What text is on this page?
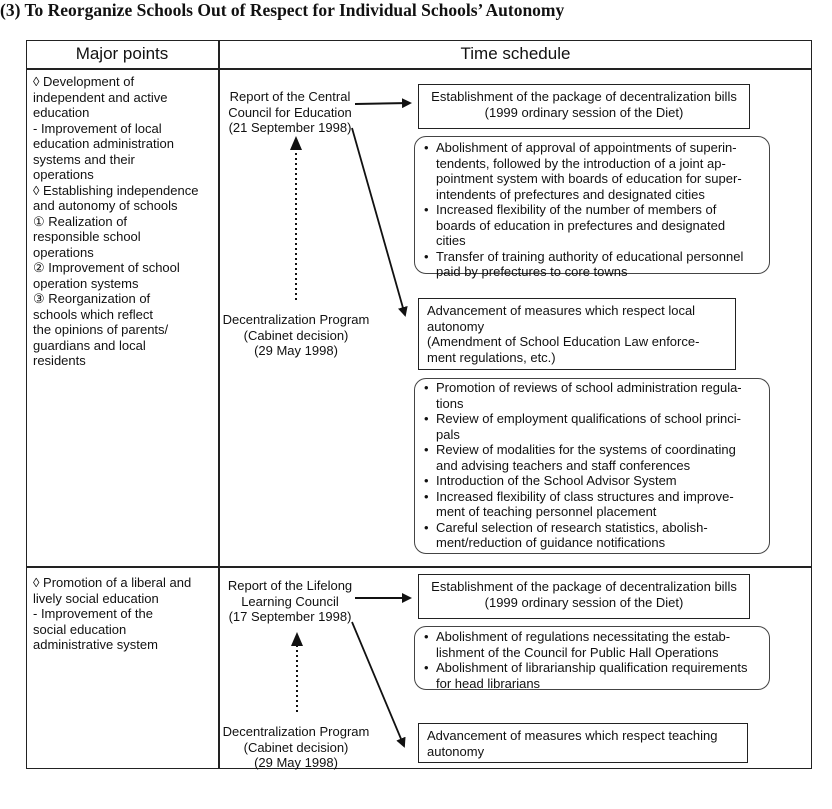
(3) To Reorganize Schools Out of Respect for Individual Schools’ Autonomy
Major points	Time schedule
◊ Development of
independent and active
education
- Improvement of local
education administration
systems and their
operations
◊ Establishing independence
and autonomy of schools
① Realization of
responsible school
operations
② Improvement of school
operation systems
③ Reorganization of
schools which reflect
the opinions of parents/
guardians and local
residents
Report of the Central
Council for Education
(21 September 1998)
Decentralization Program
(Cabinet decision)
(29 May 1998)
Establishment of the package of decentralization bills
(1999 ordinary session of the Diet)
• Abolishment of approval of appointments of superin-
tendents, followed by the introduction of a joint ap-
pointment system with boards of education for super-
intendents of prefectures and designated cities
• Increased flexibility of the number of members of
boards of education in prefectures and designated
cities
• Transfer of training authority of educational personnel
paid by prefectures to core towns
Advancement of measures which respect local
autonomy
(Amendment of School Education Law enforce-
ment regulations, etc.)
• Promotion of reviews of school administration regula-
tions
• Review of employment qualifications of school princi-
pals
• Review of modalities for the systems of coordinating
and advising teachers and staff conferences
• Introduction of the School Advisor System
• Increased flexibility of class structures and improve-
ment of teaching personnel placement
• Careful selection of research statistics, abolish-
ment/reduction of guidance notifications
◊ Promotion of a liberal and
lively social education
- Improvement of the
social education
administrative system
Report of the Lifelong
Learning Council
(17 September 1998)
Decentralization Program
(Cabinet decision)
(29 May 1998)
Establishment of the package of decentralization bills
(1999 ordinary session of the Diet)
• Abolishment of regulations necessitating the estab-
lishment of the Council for Public Hall Operations
• Abolishment of librarianship qualification requirements
for head librarians
Advancement of measures which respect teaching
autonomy
